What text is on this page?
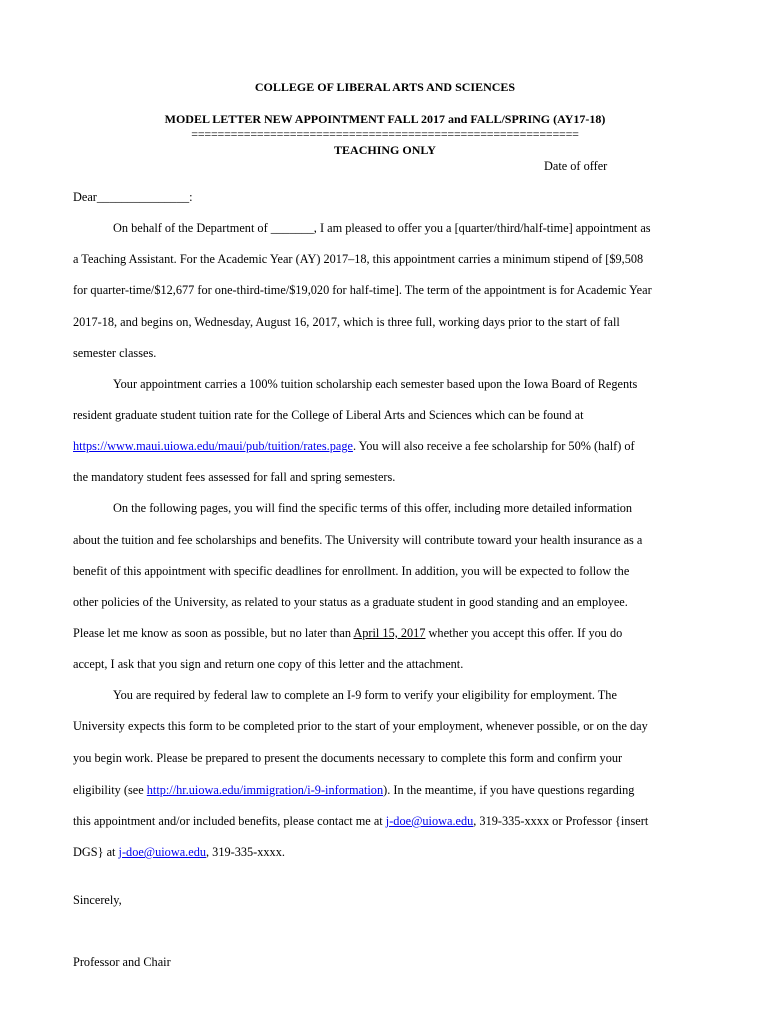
COLLEGE OF LIBERAL ARTS AND SCIENCES
MODEL LETTER NEW APPOINTMENT FALL 2017 and FALL/SPRING (AY17-18)
===========================================================
TEACHING ONLY
Date of offer
Dear_______________:
On behalf of the Department of _______, I am pleased to offer you a [quarter/third/half-time] appointment as
a Teaching Assistant. For the Academic Year (AY) 2017–18, this appointment carries a minimum stipend of [$9,508
for quarter-time/$12,677 for one-third-time/$19,020 for half-time]. The term of the appointment is for Academic Year
2017-18, and begins on, Wednesday, August 16, 2017, which is three full, working days prior to the start of fall
semester classes.
Your appointment carries a 100% tuition scholarship each semester based upon the Iowa Board of Regents
resident graduate student tuition rate for the College of Liberal Arts and Sciences which can be found at
https://www.maui.uiowa.edu/maui/pub/tuition/rates.page. You will also receive a fee scholarship for 50% (half) of
the mandatory student fees assessed for fall and spring semesters.
On the following pages, you will find the specific terms of this offer, including more detailed information
about the tuition and fee scholarships and benefits. The University will contribute toward your health insurance as a
benefit of this appointment with specific deadlines for enrollment. In addition, you will be expected to follow the
other policies of the University, as related to your status as a graduate student in good standing and an employee.
Please let me know as soon as possible, but no later than April 15, 2017 whether you accept this offer. If you do
accept, I ask that you sign and return one copy of this letter and the attachment.
You are required by federal law to complete an I-9 form to verify your eligibility for employment. The
University expects this form to be completed prior to the start of your employment, whenever possible, or on the day
you begin work. Please be prepared to present the documents necessary to complete this form and confirm your
eligibility (see http://hr.uiowa.edu/immigration/i-9-information). In the meantime, if you have questions regarding
this appointment and/or included benefits, please contact me at j-doe@uiowa.edu, 319-335-xxxx or Professor {insert
DGS} at j-doe@uiowa.edu, 319-335-xxxx.
Sincerely,
Professor and Chair
